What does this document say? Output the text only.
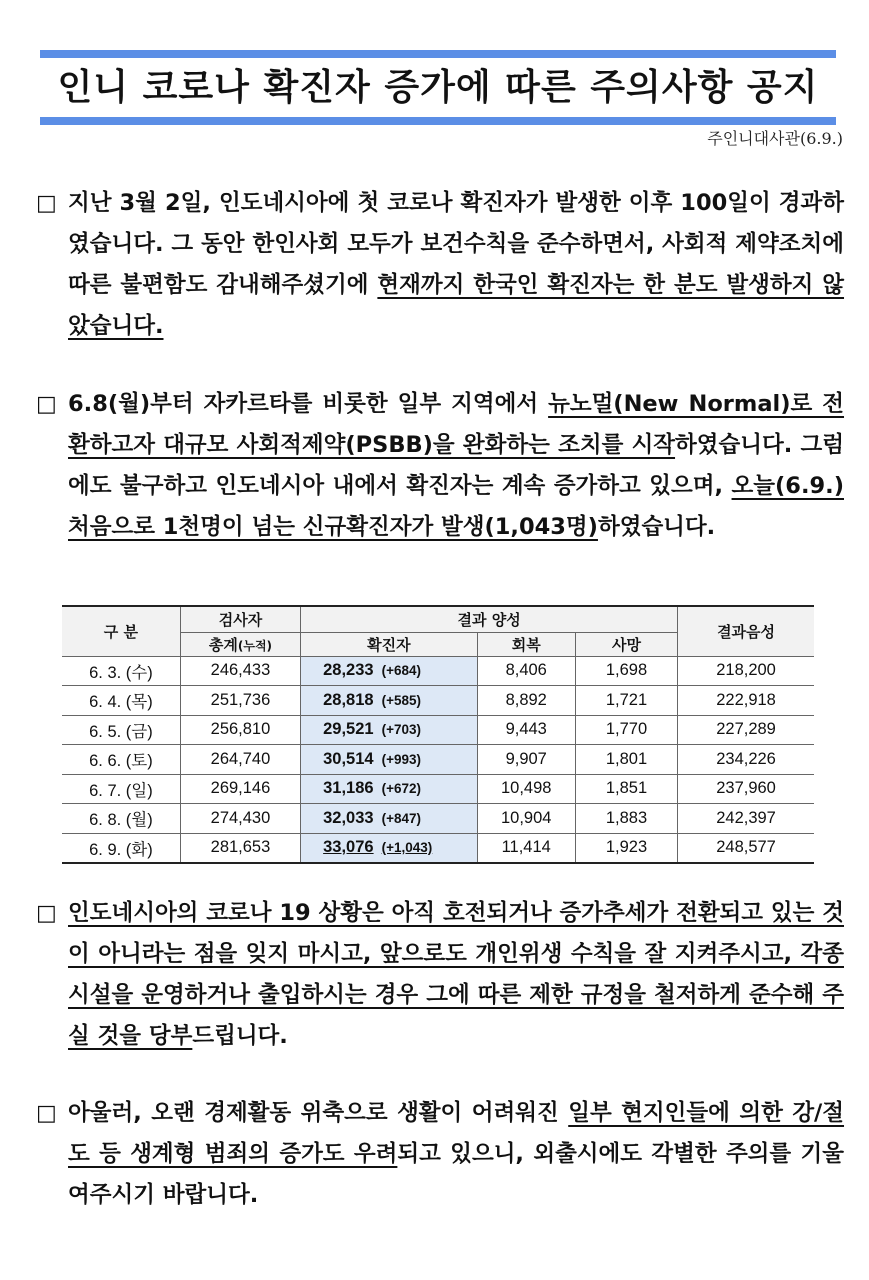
인니 코로나 확진자 증가에 따른 주의사항 공지
주인니대사관(6.9.)
□ 지난 3월 2일, 인도네시아에 첫 코로나 확진자가 발생한 이후 100일이 경과하였습니다. 그 동안 한인사회 모두가 보건수칙을 준수하면서, 사회적 제약조치에 따른 불편함도 감내해주셨기에 현재까지 한국인 확진자는 한 분도 발생하지 않았습니다.
□ 6.8(월)부터 자카르타를 비롯한 일부 지역에서 뉴노멀(New Normal)로 전환하고자 대규모 사회적제약(PSBB)을 완화하는 조치를 시작하였습니다. 그럼에도 불구하고 인도네시아 내에서 확진자는 계속 증가하고 있으며, 오늘(6.9.) 처음으로 1천명이 넘는 신규확진자가 발생(1,043명)하였습니다.
구 분	검사자	결과 양성			결과음성
	총계(누적)	확진자	회복	사망	
6. 3. (수)	246,433	28,233 (+684)	8,406	1,698	218,200
6. 4. (목)	251,736	28,818 (+585)	8,892	1,721	222,918
6. 5. (금)	256,810	29,521 (+703)	9,443	1,770	227,289
6. 6. (토)	264,740	30,514 (+993)	9,907	1,801	234,226
6. 7. (일)	269,146	31,186 (+672)	10,498	1,851	237,960
6. 8. (월)	274,430	32,033 (+847)	10,904	1,883	242,397
6. 9. (화)	281,653	33,076 (+1,043)	11,414	1,923	248,577
□ 인도네시아의 코로나 19 상황은 아직 호전되거나 증가추세가 전환되고 있는 것이 아니라는 점을 잊지 마시고, 앞으로도 개인위생 수칙을 잘 지켜주시고, 각종 시설을 운영하거나 출입하시는 경우 그에 따른 제한 규정을 철저하게 준수해 주실 것을 당부드립니다.
□ 아울러, 오랜 경제활동 위축으로 생활이 어려워진 일부 현지인들에 의한 강/절도 등 생계형 범죄의 증가도 우려되고 있으니, 외출시에도 각별한 주의를 기울여주시기 바랍니다.
